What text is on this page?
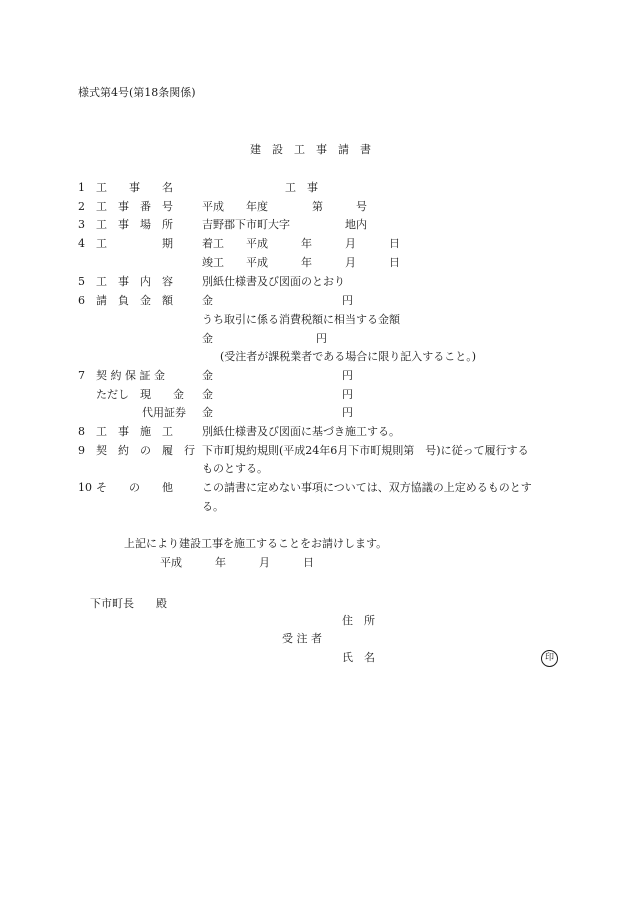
様式第4号(第18条関係)
建　設　工　事　請　書
1 工　　事　　名	工　事
2 工　事　番　号	平成　　年度　　　　第　　　号
3 工　事　場　所	吉野郡下市町大字　　　　　地内
4 工　　　　　期	着工　　平成　　　年　　　月　　　日
竣工　　平成　　　年　　　月　　　日
5 工　事　内　容	別紙仕様書及び図面のとおり
6 請　負　金　額	金	円
うち取引に係る消費税額に相当する金額
金	円
(受注者が課税業者である場合に限り記入すること。)
7 契 約 保 証 金	金	円
ただし　現　　金 金	円
代用証券 金	円
8 工　事　施　工	別紙仕様書及び図面に基づき施工する。
9 契　約　の　履　行 下市町規約規則(平成24年6月下市町規則第　号)に従って履行する
ものとする。
10 そ　　の　　他	この請書に定めない事項については、双方協議の上定めるものとす
る。
上記により建設工事を施工することをお請けします。
平成　　　年　　　月　　　日
下市町長　　殿
住　所
受 注 者
氏　名	印
